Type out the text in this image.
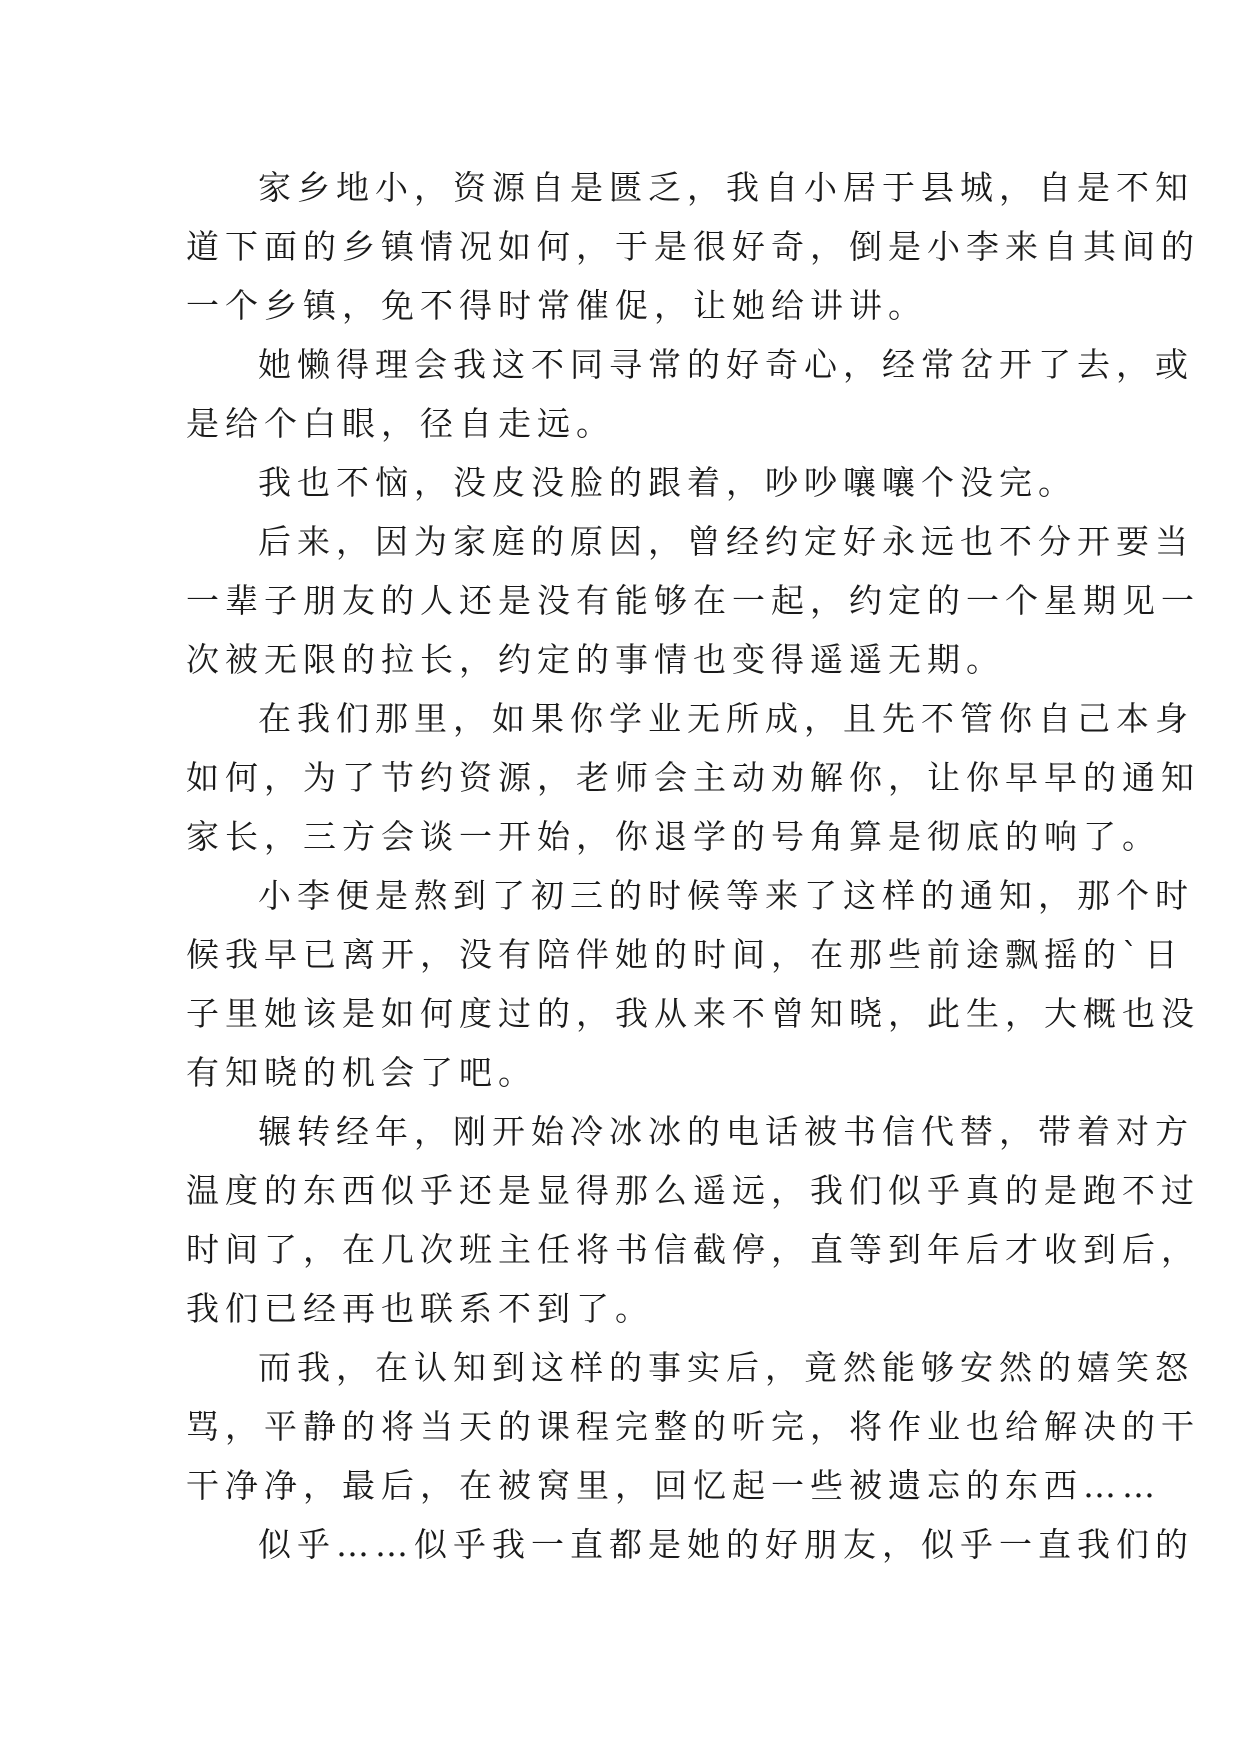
家乡地小，资源自是匮乏，我自小居于县城，自是不知
道下面的乡镇情况如何，于是很好奇，倒是小李来自其间的
一个乡镇，免不得时常催促，让她给讲讲。
她懒得理会我这不同寻常的好奇心，经常岔开了去，或
是给个白眼，径自走远。
我也不恼，没皮没脸的跟着，吵吵嚷嚷个没完。
后来，因为家庭的原因，曾经约定好永远也不分开要当
一辈子朋友的人还是没有能够在一起，约定的一个星期见一
次被无限的拉长，约定的事情也变得遥遥无期。
在我们那里，如果你学业无所成，且先不管你自己本身
如何，为了节约资源，老师会主动劝解你，让你早早的通知
家长，三方会谈一开始，你退学的号角算是彻底的响了。
小李便是熬到了初三的时候等来了这样的通知，那个时
候我早已离开，没有陪伴她的时间，在那些前途飘摇的`日
子里她该是如何度过的，我从来不曾知晓，此生，大概也没
有知晓的机会了吧。
辗转经年，刚开始冷冰冰的电话被书信代替，带着对方
温度的东西似乎还是显得那么遥远，我们似乎真的是跑不过
时间了，在几次班主任将书信截停，直等到年后才收到后，
我们已经再也联系不到了。
而我，在认知到这样的事实后，竟然能够安然的嬉笑怒
骂，平静的将当天的课程完整的听完，将作业也给解决的干
干净净，最后，在被窝里，回忆起一些被遗忘的东西……
似乎……似乎我一直都是她的好朋友，似乎一直我们的
